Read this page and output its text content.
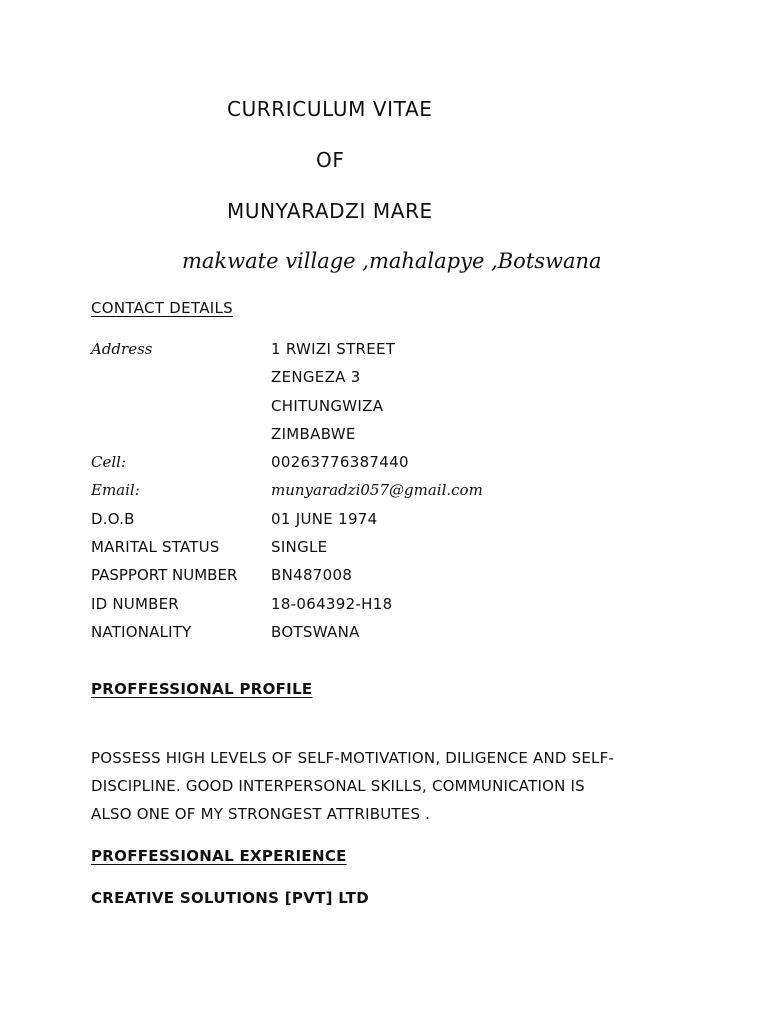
CURRICULUM VITAE
OF
MUNYARADZI MARE
makwate village ,mahalapye ,Botswana
CONTACT DETAILS
Address	1 RWIZI STREET
ZENGEZA 3
CHITUNGWIZA
ZIMBABWE
Cell:	00263776387440
Email:	munyaradzi057@gmail.com
D.O.B	01 JUNE 1974
MARITAL STATUS	SINGLE
PASPPORT NUMBER BN487008
ID NUMBER	18-064392-H18
NATIONALITY	BOTSWANA
PROFFESSIONAL PROFILE
POSSESS HIGH LEVELS OF SELF-MOTIVATION, DILIGENCE AND SELF-
DISCIPLINE. GOOD INTERPERSONAL SKILLS, COMMUNICATION IS
ALSO ONE OF MY STRONGEST ATTRIBUTES .
PROFFESSIONAL EXPERIENCE
CREATIVE SOLUTIONS [PVT] LTD
